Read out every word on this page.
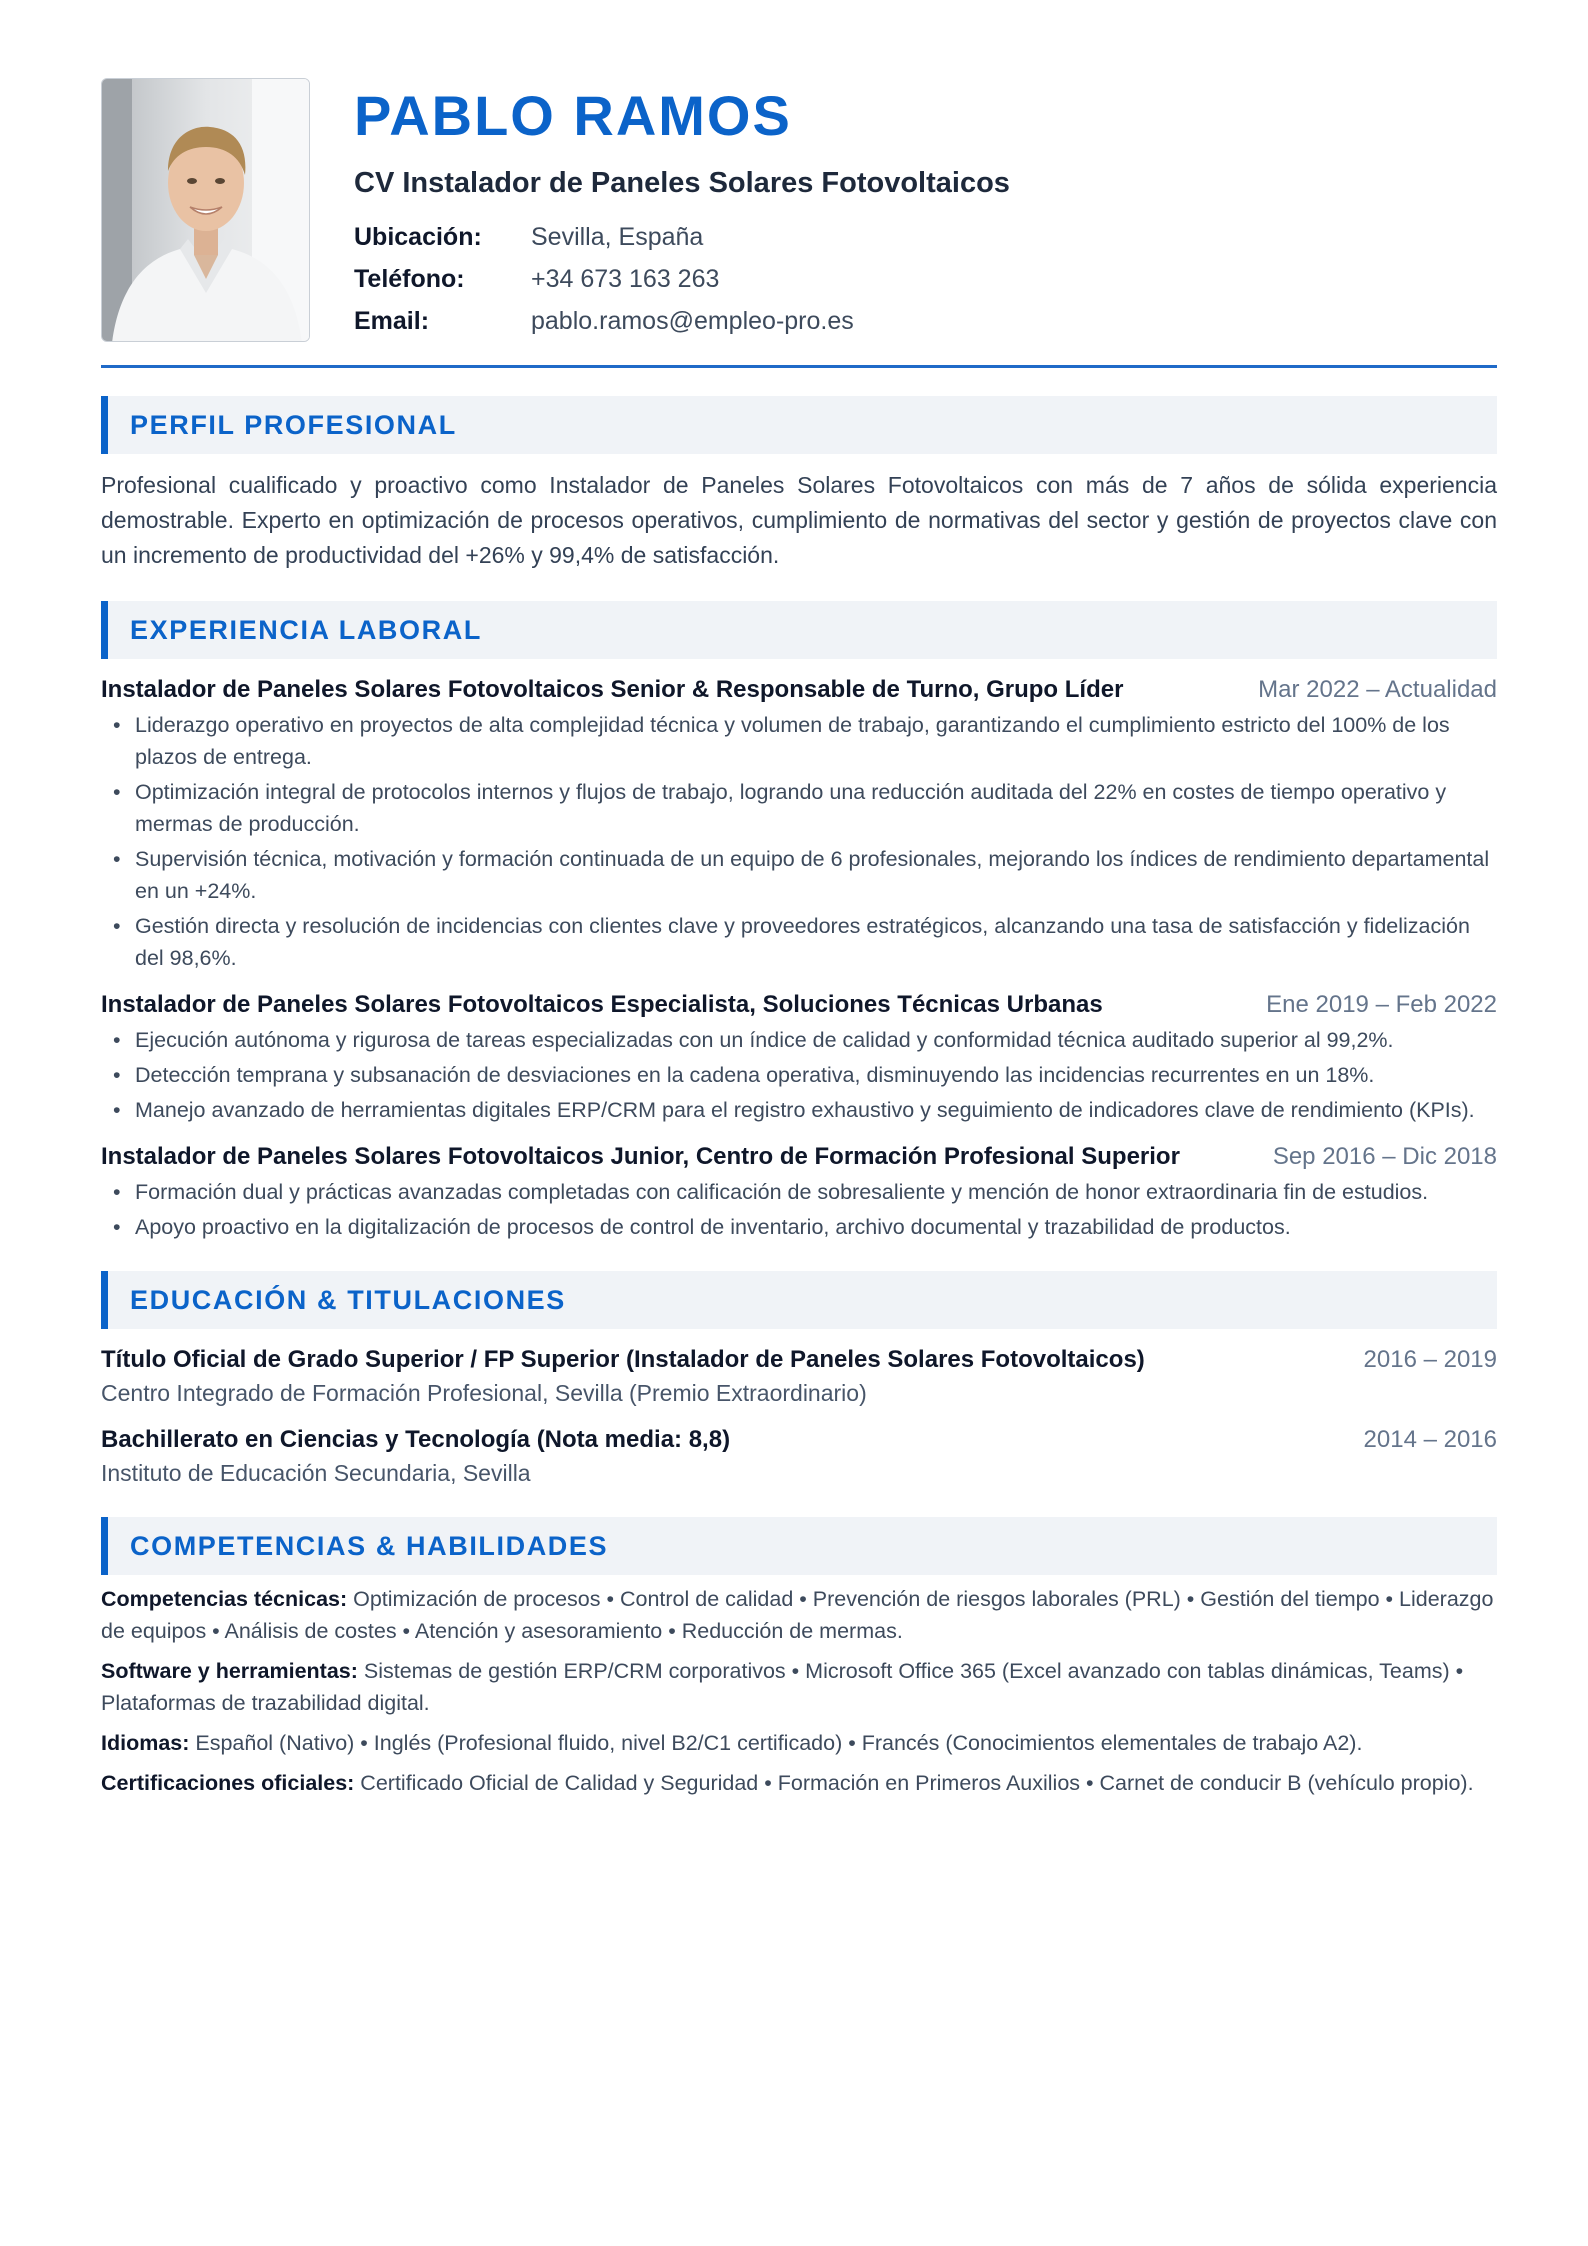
PABLO RAMOS
CV Instalador de Paneles Solares Fotovoltaicos
Ubicación:	Sevilla, España
Teléfono:	+34 673 163 263
Email:	pablo.ramos@empleo-pro.es
PERFIL PROFESIONAL

Profesional cualificado y proactivo como Instalador de Paneles Solares Fotovoltaicos con más de 7 años de sólida experiencia demostrable. Experto en optimización de procesos operativos, cumplimiento de normativas del sector y gestión de proyectos clave con un incremento de productividad del +26% y 99,4% de satisfacción.

EXPERIENCIA LABORAL
Instalador de Paneles Solares Fotovoltaicos Senior & Responsable de Turno, Grupo Líder	Mar 2022 – Actualidad
• Liderazgo operativo en proyectos de alta complejidad técnica y volumen de trabajo, garantizando el cumplimiento estricto del 100% de los plazos de entrega.
• Optimización integral de protocolos internos y flujos de trabajo, logrando una reducción auditada del 22% en costes de tiempo operativo y mermas de producción.
• Supervisión técnica, motivación y formación continuada de un equipo de 6 profesionales, mejorando los índices de rendimiento departamental en un +24%.
• Gestión directa y resolución de incidencias con clientes clave y proveedores estratégicos, alcanzando una tasa de satisfacción y fidelización del 98,6%.
Instalador de Paneles Solares Fotovoltaicos Especialista, Soluciones Técnicas Urbanas	Ene 2019 – Feb 2022
• Ejecución autónoma y rigurosa de tareas especializadas con un índice de calidad y conformidad técnica auditado superior al 99,2%.
• Detección temprana y subsanación de desviaciones en la cadena operativa, disminuyendo las incidencias recurrentes en un 18%.
• Manejo avanzado de herramientas digitales ERP/CRM para el registro exhaustivo y seguimiento de indicadores clave de rendimiento (KPIs).
Instalador de Paneles Solares Fotovoltaicos Junior, Centro de Formación Profesional Superior	Sep 2016 – Dic 2018
• Formación dual y prácticas avanzadas completadas con calificación de sobresaliente y mención de honor extraordinaria fin de estudios.
• Apoyo proactivo en la digitalización de procesos de control de inventario, archivo documental y trazabilidad de productos.
EDUCACIÓN & TITULACIONES
Título Oficial de Grado Superior / FP Superior (Instalador de Paneles Solares Fotovoltaicos)	2016 – 2019
Centro Integrado de Formación Profesional, Sevilla (Premio Extraordinario)
Bachillerato en Ciencias y Tecnología (Nota media: 8,8)	2014 – 2016
Instituto de Educación Secundaria, Sevilla
COMPETENCIAS & HABILIDADES

Competencias técnicas: Optimización de procesos • Control de calidad • Prevención de riesgos laborales (PRL) • Gestión del tiempo • Liderazgo de equipos • Análisis de costes • Atención y asesoramiento • Reducción de mermas.

Software y herramientas: Sistemas de gestión ERP/CRM corporativos • Microsoft Office 365 (Excel avanzado con tablas dinámicas, Teams) • Plataformas de trazabilidad digital.

Idiomas: Español (Nativo) • Inglés (Profesional fluido, nivel B2/C1 certificado) • Francés (Conocimientos elementales de trabajo A2).

Certificaciones oficiales: Certificado Oficial de Calidad y Seguridad • Formación en Primeros Auxilios • Carnet de conducir B (vehículo propio).
